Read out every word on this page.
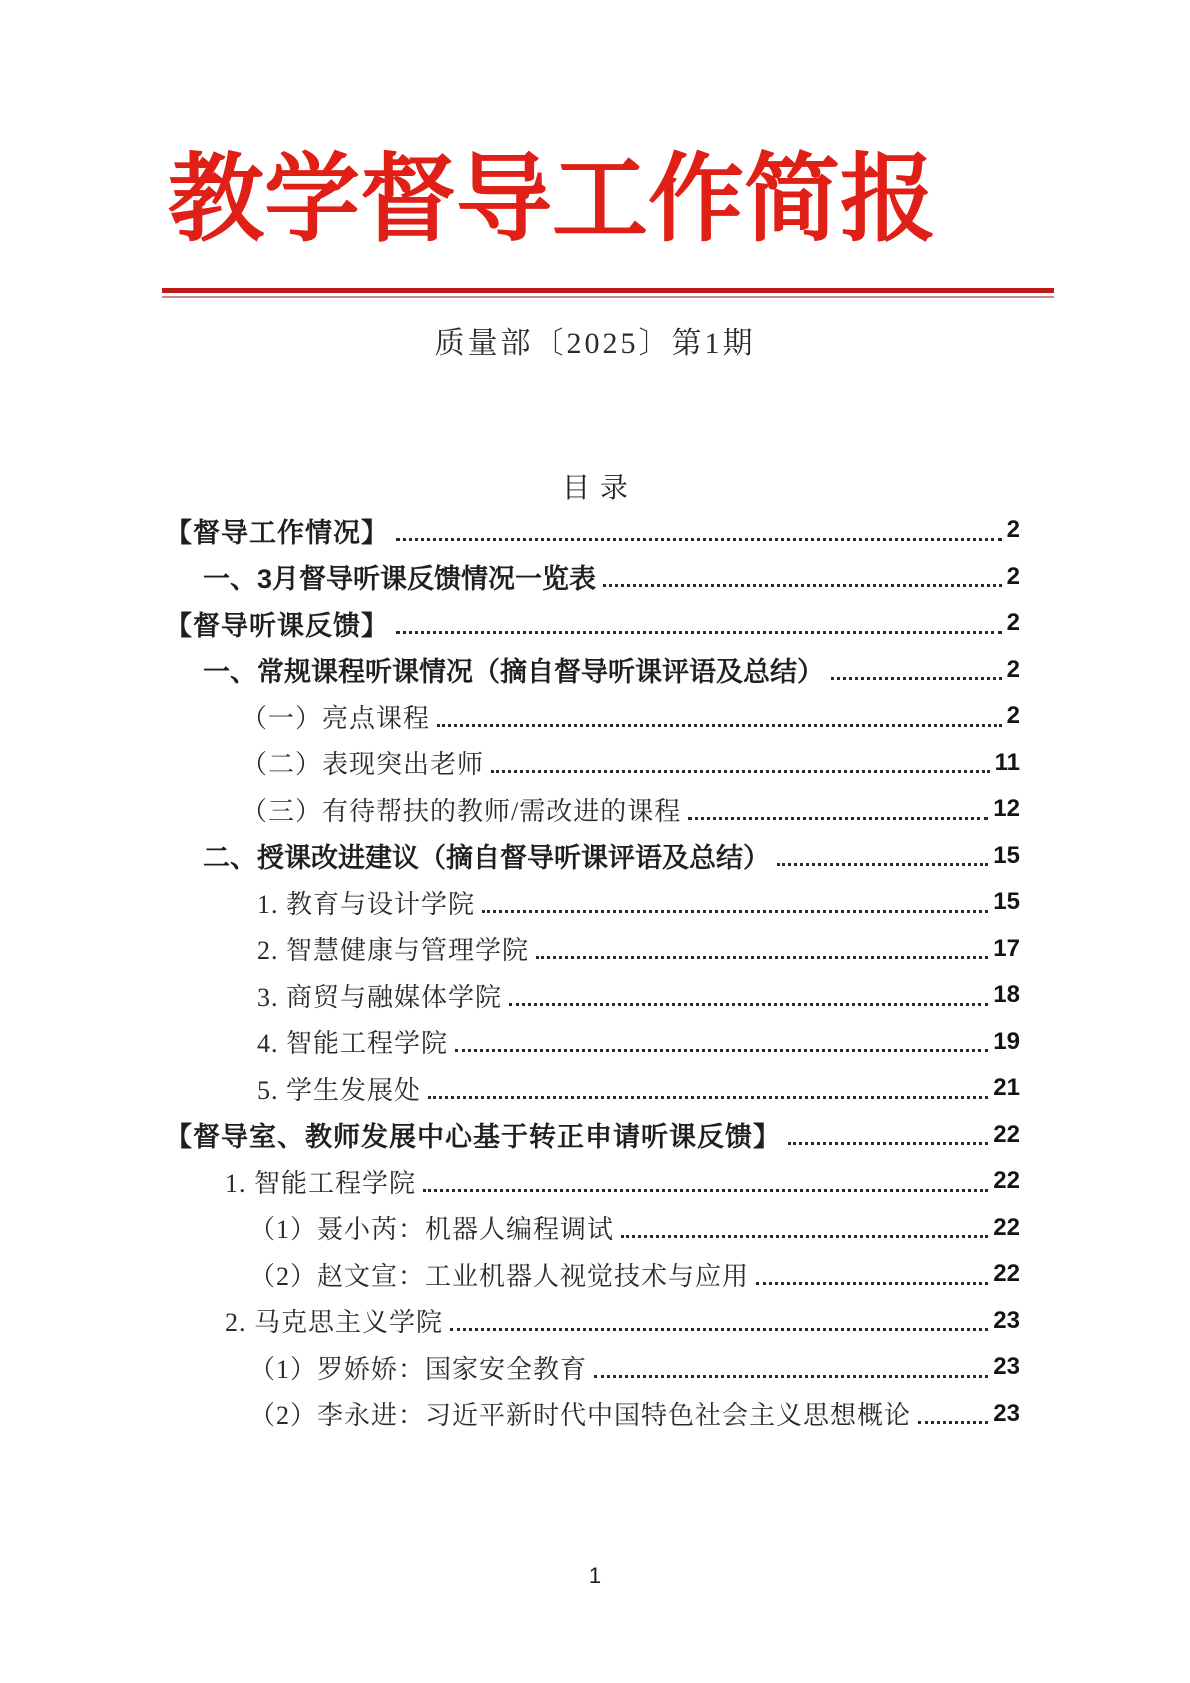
教学督导工作简报
质量部〔2025〕第1期
目录
【督导工作情况】	2
一、3月督导听课反馈情况一览表	2
【督导听课反馈】	2
一、常规课程听课情况（摘自督导听课评语及总结）	2
（一）亮点课程	2
（二）表现突出老师	11
（三）有待帮扶的教师/需改进的课程	12
二、授课改进建议（摘自督导听课评语及总结）	15
1. 教育与设计学院	15
2. 智慧健康与管理学院	17
3. 商贸与融媒体学院	18
4. 智能工程学院	19
5. 学生发展处	21
【督导室、教师发展中心基于转正申请听课反馈】	22
1. 智能工程学院	22
（1）聂小芮：机器人编程调试	22
（2）赵文宣：工业机器人视觉技术与应用	22
2. 马克思主义学院	23
（1）罗娇娇：国家安全教育	23
（2）李永进：习近平新时代中国特色社会主义思想概论	23
1
